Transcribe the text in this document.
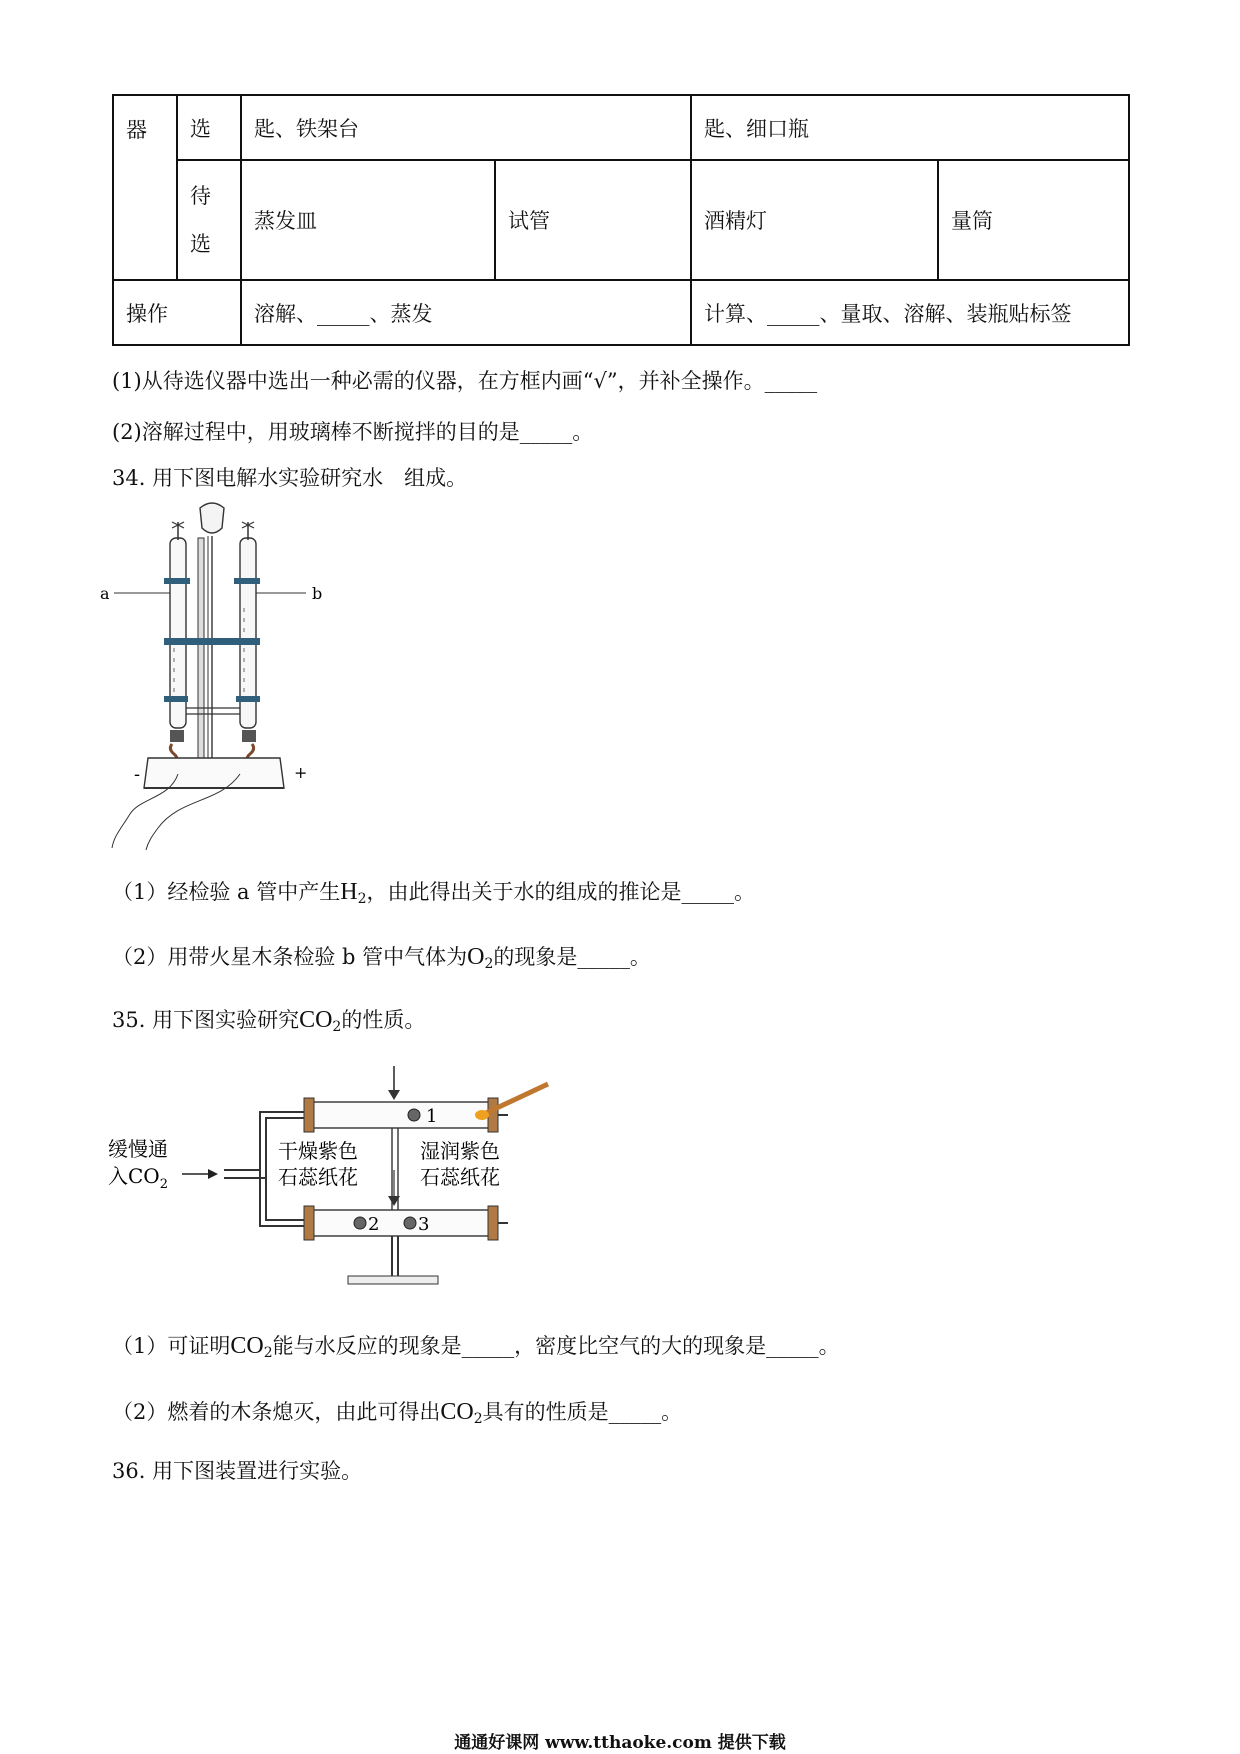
器	选	匙、铁架台		匙、细口瓶	

	待
选	蒸发皿	试管	酒精灯	量筒
操作		溶解、_____、蒸发		计算、_____、量取、溶解、装瓶贴标签	
(1)从待选仪器中选出一种必需的仪器，在方框内画“√”，并补全操作。_____
(2)溶解过程中，用玻璃棒不断搅拌的目的是_____。
34. 用下图电解水实验研究水　组成。
a	b
-	+
（1）经检验 a 管中产生$H_2$，由此得出关于水的组成的推论是_____。
（2）用带火星木条检验 b 管中气体为$O_2$的现象是_____。
35. 用下图实验研究$CO_2$的性质。
缓慢通
入$CO_2$
1
2 3
干燥紫色
石蕊纸花
湿润紫色
石蕊纸花
（1）可证明$CO_2$能与水反应的现象是_____，密度比空气的大的现象是_____。
（2）燃着的木条熄灭，由此可得出$CO_2$具有的性质是_____。
36. 用下图装置进行实验。
通通好课网 www.tthaoke.com 提供下载
